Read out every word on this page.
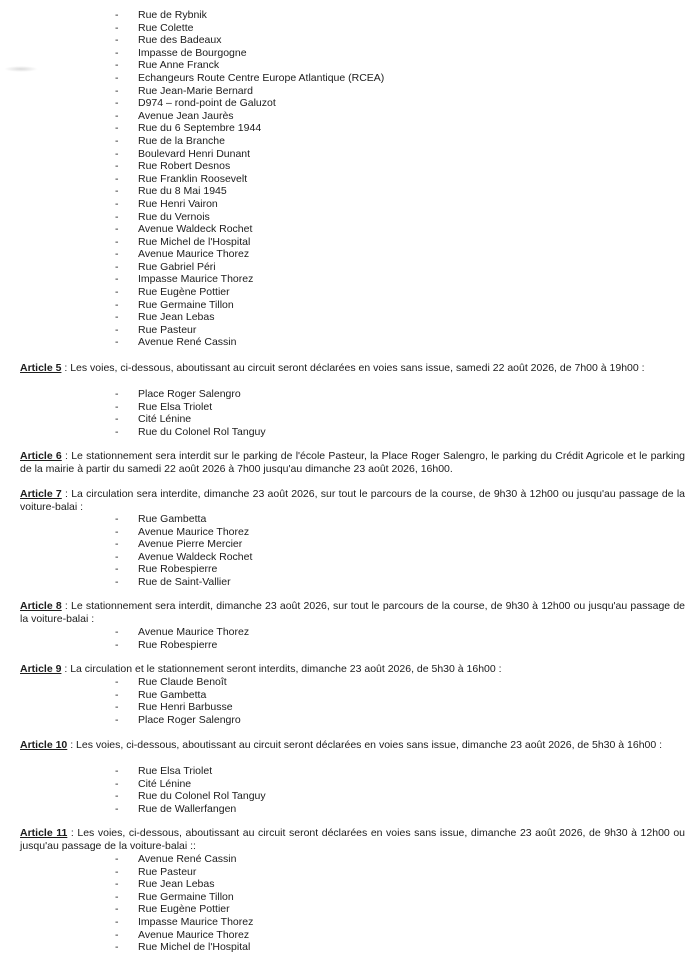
-	Rue de Rybnik
-	Rue Colette
-	Rue des Badeaux
-	Impasse de Bourgogne
-	Rue Anne Franck
-	Echangeurs Route Centre Europe Atlantique (RCEA)
-	Rue Jean-Marie Bernard
-	D974 – rond-point de Galuzot
-	Avenue Jean Jaurès
-	Rue du 6 Septembre 1944
-	Rue de la Branche
-	Boulevard Henri Dunant
-	Rue Robert Desnos
-	Rue Franklin Roosevelt
-	Rue du 8 Mai 1945
-	Rue Henri Vairon
-	Rue du Vernois
-	Avenue Waldeck Rochet
-	Rue Michel de l'Hospital
-	Avenue Maurice Thorez
-	Rue Gabriel Péri
-	Impasse Maurice Thorez
-	Rue Eugène Pottier
-	Rue Germaine Tillon
-	Rue Jean Lebas
-	Rue Pasteur
-	Avenue René Cassin
Article 5 : Les voies, ci-dessous, aboutissant au circuit seront déclarées en voies sans issue, samedi 22 août 2026, de 7h00 à 19h00 :
-	Place Roger Salengro
-	Rue Elsa Triolet
-	Cité Lénine
-	Rue du Colonel Rol Tanguy
Article 6 : Le stationnement sera interdit sur le parking de l'école Pasteur, la Place Roger Salengro, le parking du Crédit Agricole et le parking de la mairie à partir du samedi 22 août 2026 à 7h00 jusqu'au dimanche 23 août 2026, 16h00.
Article 7 : La circulation sera interdite, dimanche 23 août 2026, sur tout le parcours de la course, de 9h30 à 12h00 ou jusqu'au passage de la voiture-balai :
-	Rue Gambetta
-	Avenue Maurice Thorez
-	Avenue Pierre Mercier
-	Avenue Waldeck Rochet
-	Rue Robespierre
-	Rue de Saint-Vallier
Article 8 : Le stationnement sera interdit, dimanche 23 août 2026, sur tout le parcours de la course, de 9h30 à 12h00 ou jusqu'au passage de la voiture-balai :
-	Avenue Maurice Thorez
-	Rue Robespierre
Article 9 : La circulation et le stationnement seront interdits, dimanche 23 août 2026, de 5h30 à 16h00 :
-	Rue Claude Benoît
-	Rue Gambetta
-	Rue Henri Barbusse
-	Place Roger Salengro
Article 10 : Les voies, ci-dessous, aboutissant au circuit seront déclarées en voies sans issue, dimanche 23 août 2026, de 5h30 à 16h00 :
-	Rue Elsa Triolet
-	Cité Lénine
-	Rue du Colonel Rol Tanguy
-	Rue de Wallerfangen
Article 11 : Les voies, ci-dessous, aboutissant au circuit seront déclarées en voies sans issue, dimanche 23 août 2026, de 9h30 à 12h00 ou jusqu'au passage de la voiture-balai ::
-	Avenue René Cassin
-	Rue Pasteur
-	Rue Jean Lebas
-	Rue Germaine Tillon
-	Rue Eugène Pottier
-	Impasse Maurice Thorez
-	Avenue Maurice Thorez
-	Rue Michel de l'Hospital
